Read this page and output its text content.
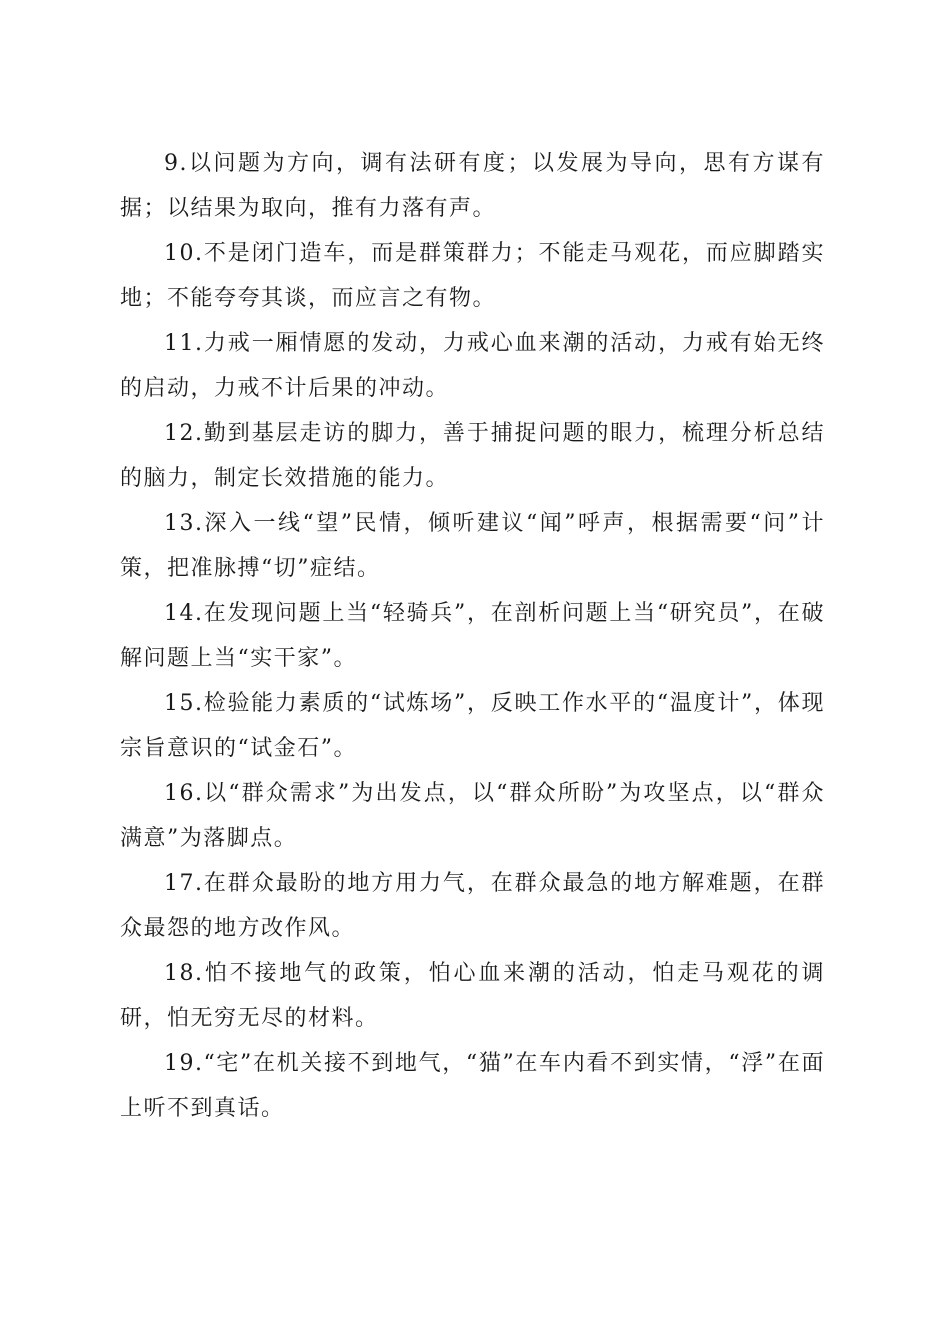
9.以问题为方向，调有法研有度；以发展为导向，思有方谋有据；以结果为取向，推有力落有声。

10.不是闭门造车，而是群策群力；不能走马观花，而应脚踏实地；不能夸夸其谈，而应言之有物。

11.力戒一厢情愿的发动，力戒心血来潮的活动，力戒有始无终的启动，力戒不计后果的冲动。

12.勤到基层走访的脚力，善于捕捉问题的眼力，梳理分析总结的脑力，制定长效措施的能力。

13.深入一线“望”民情，倾听建议“闻”呼声，根据需要“问”计策，把准脉搏“切”症结。

14.在发现问题上当“轻骑兵”，在剖析问题上当“研究员”，在破解问题上当“实干家”。

15.检验能力素质的“试炼场”，反映工作水平的“温度计”，体现宗旨意识的“试金石”。

16.以“群众需求”为出发点，以“群众所盼”为攻坚点，以“群众满意”为落脚点。

17.在群众最盼的地方用力气，在群众最急的地方解难题，在群众最怨的地方改作风。

18.怕不接地气的政策，怕心血来潮的活动，怕走马观花的调研，怕无穷无尽的材料。

19.“宅”在机关接不到地气，“猫”在车内看不到实情，“浮”在面上听不到真话。
